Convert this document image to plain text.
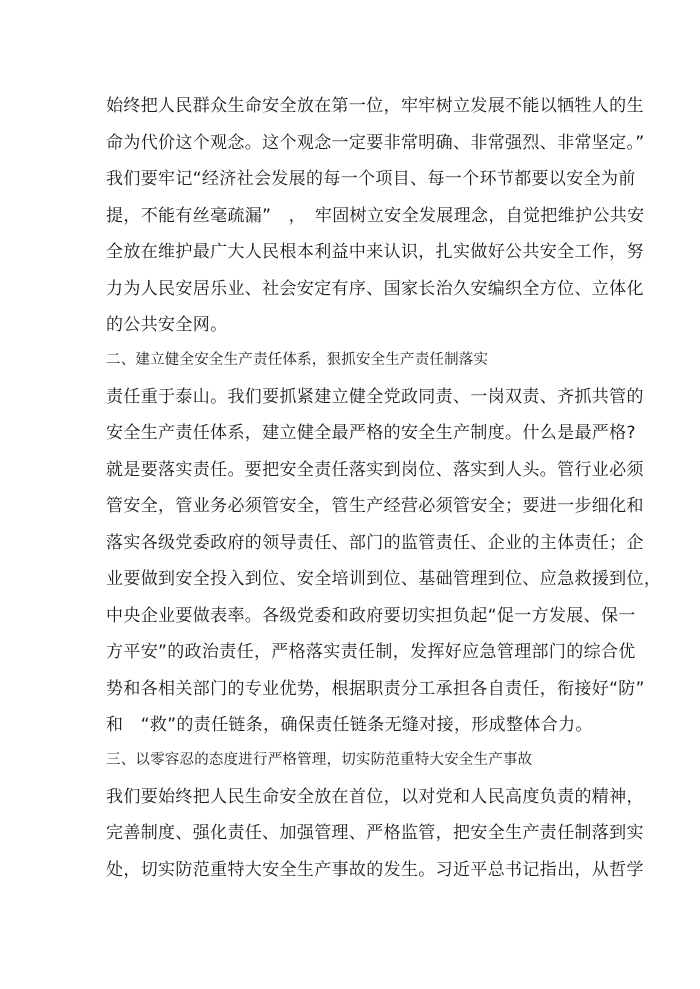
始终把人民群众生命安全放在第一位，牢牢树立发展不能以牺牲人的生
命为代价这个观念。这个观念一定要非常明确、非常强烈、非常坚定。”
我们要牢记“经济社会发展的每一个项目、每一个环节都要以安全为前
提，不能有丝毫疏漏”　，　牢固树立安全发展理念，自觉把维护公共安
全放在维护最广大人民根本利益中来认识，扎实做好公共安全工作，努
力为人民安居乐业、社会安定有序、国家长治久安编织全方位、立体化
的公共安全网。
二、建立健全安全生产责任体系，狠抓安全生产责任制落实
责任重于泰山。我们要抓紧建立健全党政同责、一岗双责、齐抓共管的
安全生产责任体系，建立健全最严格的安全生产制度。什么是最严格?
就是要落实责任。要把安全责任落实到岗位、落实到人头。管行业必须
管安全，管业务必须管安全，管生产经营必须管安全；要进一步细化和
落实各级党委政府的领导责任、部门的监管责任、企业的主体责任；企
业要做到安全投入到位、安全培训到位、基础管理到位、应急救援到位，
中央企业要做表率。各级党委和政府要切实担负起“促一方发展、保一
方平安”的政治责任，严格落实责任制，发挥好应急管理部门的综合优
势和各相关部门的专业优势，根据职责分工承担各自责任，衔接好“防”
和　“救”的责任链条，确保责任链条无缝对接，形成整体合力。
三、以零容忍的态度进行严格管理，切实防范重特大安全生产事故
我们要始终把人民生命安全放在首位，以对党和人民高度负责的精神，
完善制度、强化责任、加强管理、严格监管，把安全生产责任制落到实
处，切实防范重特大安全生产事故的发生。习近平总书记指出，从哲学
